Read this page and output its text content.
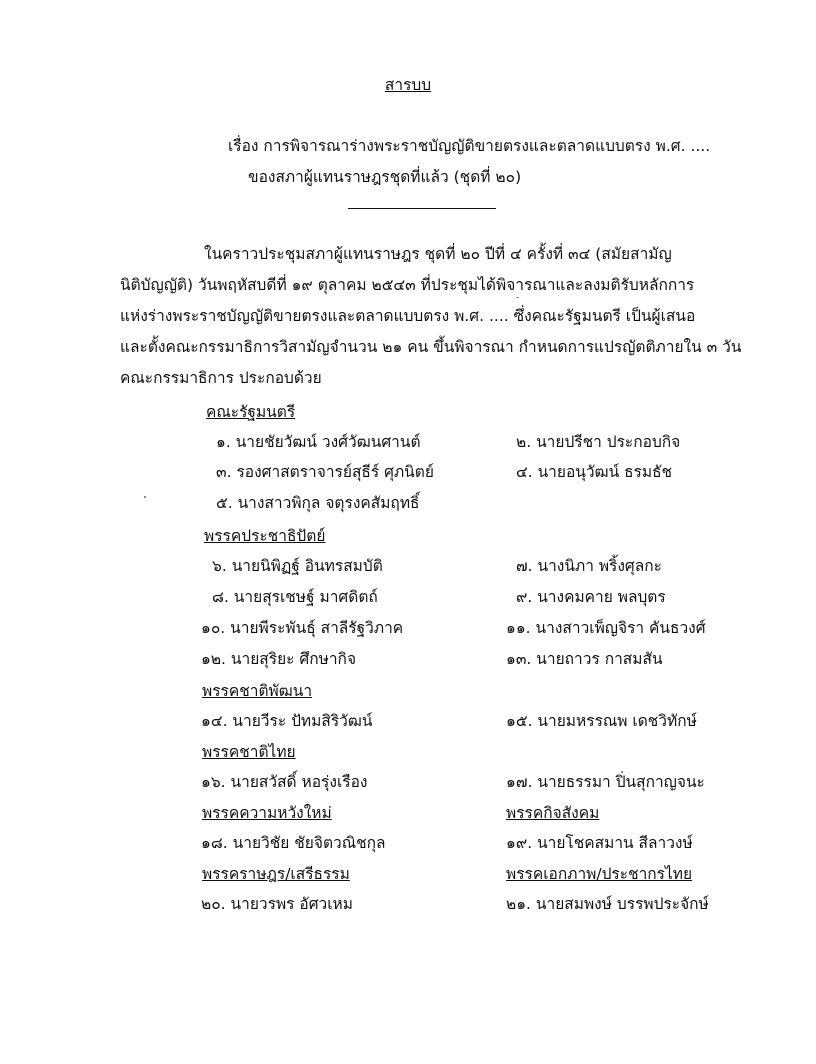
สารบบ
เรื่อง การพิจารณาร่างพระราชบัญญัติขายตรงและตลาดแบบตรง พ.ศ. ....
ของสภาผู้แทนราษฎรชุดที่แล้ว (ชุดที่ ๒๐)
ในคราวประชุมสภาผู้แทนราษฎร ชุดที่ ๒๐ ปีที่ ๔ ครั้งที่ ๓๔ (สมัยสามัญ
นิติบัญญัติ) วันพฤหัสบดีที่ ๑๙ ตุลาคม ๒๕๔๓ ที่ประชุมได้พิจารณาและลงมติรับหลักการ
แห่งร่างพระราชบัญญัติขายตรงและตลาดแบบตรง พ.ศ. .... ซึ่งคณะรัฐมนตรี เป็นผู้เสนอ
และตั้งคณะกรรมาธิการวิสามัญจำนวน ๒๑ คน ขึ้นพิจารณา กำหนดการแปรญัตติภายใน ๓ วัน
คณะกรรมาธิการ ประกอบด้วย
คณะรัฐมนตรี
๑. นายชัยวัฒน์ วงศ์วัฒนศานต์	๒. นายปรีชา ประกอบกิจ
๓. รองศาสตราจารย์สุธีร์ ศุภนิตย์	๔. นายอนุวัฒน์ ธรมธัช
๕. นางสาวพิกุล จตุรงคสัมฤทธิ์
พรรคประชาธิปัตย์
๖. นายนิพิฏฐ์ อินทรสมบัติ	๗. นางนิภา พริ้งศุลกะ
๘. นายสุรเชษฐ์ มาศดิตถ์	๙. นางคมคาย พลบุตร
๑๐. นายพีระพันธุ์ สาลีรัฐวิภาค	๑๑. นางสาวเพ็ญจิรา คันธวงศ์
๑๒. นายสุริยะ ศึกษากิจ	๑๓. นายถาวร กาสมสัน
พรรคชาติพัฒนา
๑๔. นายวีระ ปัทมสิริวัฒน์	๑๕. นายมหรรณพ เดชวิทักษ์
พรรคชาติไทย
๑๖. นายสวัสดิ์ หอรุ่งเรือง	๑๗. นายธรรมา ปิ่นสุกาญจนะ
พรรคความหวังใหม่	พรรคกิจสังคม
๑๘. นายวิชัย ชัยจิตวณิชกุล	๑๙. นายโชคสมาน สีลาวงษ์
พรรคราษฎร/เสรีธรรม	พรรคเอกภาพ/ประชากรไทย
๒๐. นายวรพร อัศวเหม	๒๑. นายสมพงษ์ บรรพประจักษ์
